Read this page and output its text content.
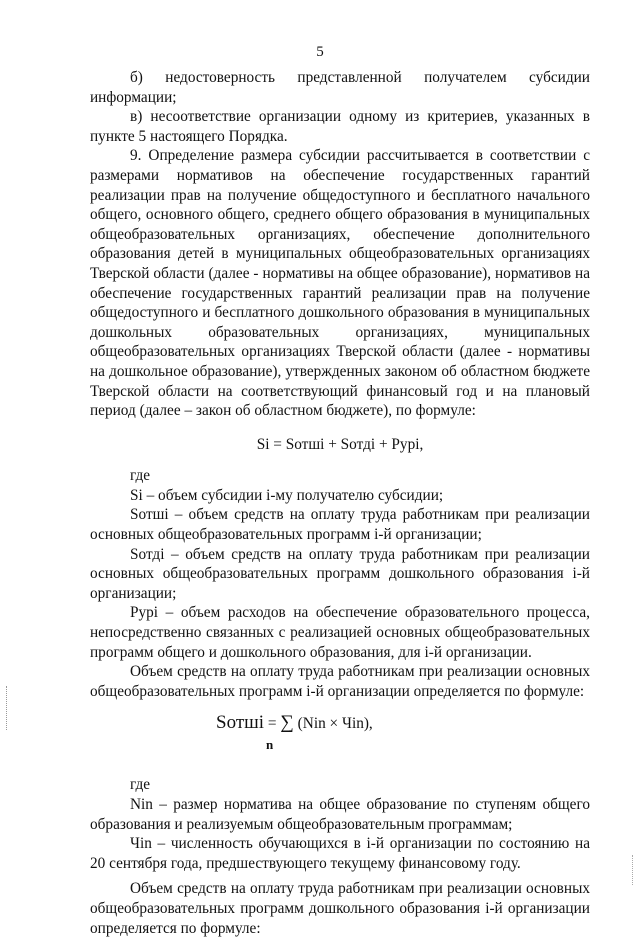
5

б) недостоверность представленной получателем субсидии информации;

в) несоответствие организации одному из критериев, указанных в пункте 5 настоящего Порядка.

9. Определение размера субсидии рассчитывается в соответствии с размерами нормативов на обеспечение государственных гарантий реализации прав на получение общедоступного и бесплатного начального общего, основного общего, среднего общего образования в муниципальных общеобразовательных организациях, обеспечение дополнительного образования детей в муниципальных общеобразовательных организациях Тверской области (далее - нормативы на общее образование), нормативов на обеспечение государственных гарантий реализации прав на получение общедоступного и бесплатного дошкольного образования в муниципальных дошкольных образовательных организациях, муниципальных общеобразовательных организациях Тверской области (далее - нормативы на дошкольное образование), утвержденных законом об областном бюджете Тверской области на соответствующий финансовый год и на плановый период (далее – закон об областном бюджете), по формуле:

Si = Sотшi + Sотдi + Рурi,

где

Si – объем субсидии i-му получателю субсидии;

Sотшi – объем средств на оплату труда работникам при реализации основных общеобразовательных программ i-й организации;

Sотдi – объем средств на оплату труда работникам при реализации основных общеобразовательных программ дошкольного образования i-й организации;

Рурi – объем расходов на обеспечение образовательного процесса, непосредственно связанных с реализацией основных общеобразовательных программ общего и дошкольного образования, для i-й организации.

Объем средств на оплату труда работникам при реализации основных общеобразовательных программ i-й организации определяется по формуле:

Sотшi = ∑ (Nin × Чin),
n

где

Nin – размер норматива на общее образование по ступеням общего образования и реализуемым общеобразовательным программам;

Чin – численность обучающихся в i-й организации по состоянию на 20 сентября года, предшествующего текущему финансовому году.

Объем средств на оплату труда работникам при реализации основных общеобразовательных программ дошкольного образования i-й организации определяется по формуле:
